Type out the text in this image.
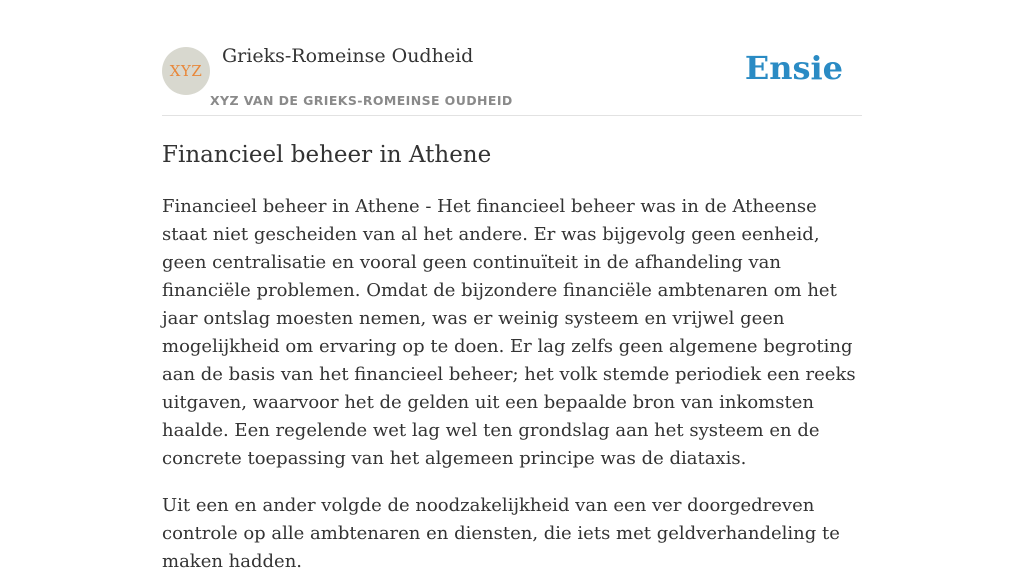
XYZ
Grieks-Romeinse Oudheid
XYZ VAN DE GRIEKS-ROMEINSE OUDHEID
Ensie
Financieel beheer in Athene

Financieel beheer in Athene - Het financieel beheer was in de Atheense staat niet gescheiden van al het andere. Er was bijgevolg geen eenheid, geen centralisatie en vooral geen continuïteit in de afhandeling van financiële problemen. Omdat de bijzondere financiële ambtenaren om het jaar ontslag moesten nemen, was er weinig systeem en vrijwel geen mogelijkheid om ervaring op te doen. Er lag zelfs geen algemene begroting aan de basis van het financieel beheer; het volk stemde periodiek een reeks uitgaven, waarvoor het de gelden uit een bepaalde bron van inkomsten haalde. Een regelende wet lag wel ten grondslag aan het systeem en de concrete toepassing van het algemeen principe was de diataxis.

Uit een en ander volgde de noodzakelijkheid van een ver doorgedreven controle op alle ambtenaren en diensten, die iets met geldverhandeling te maken hadden.
